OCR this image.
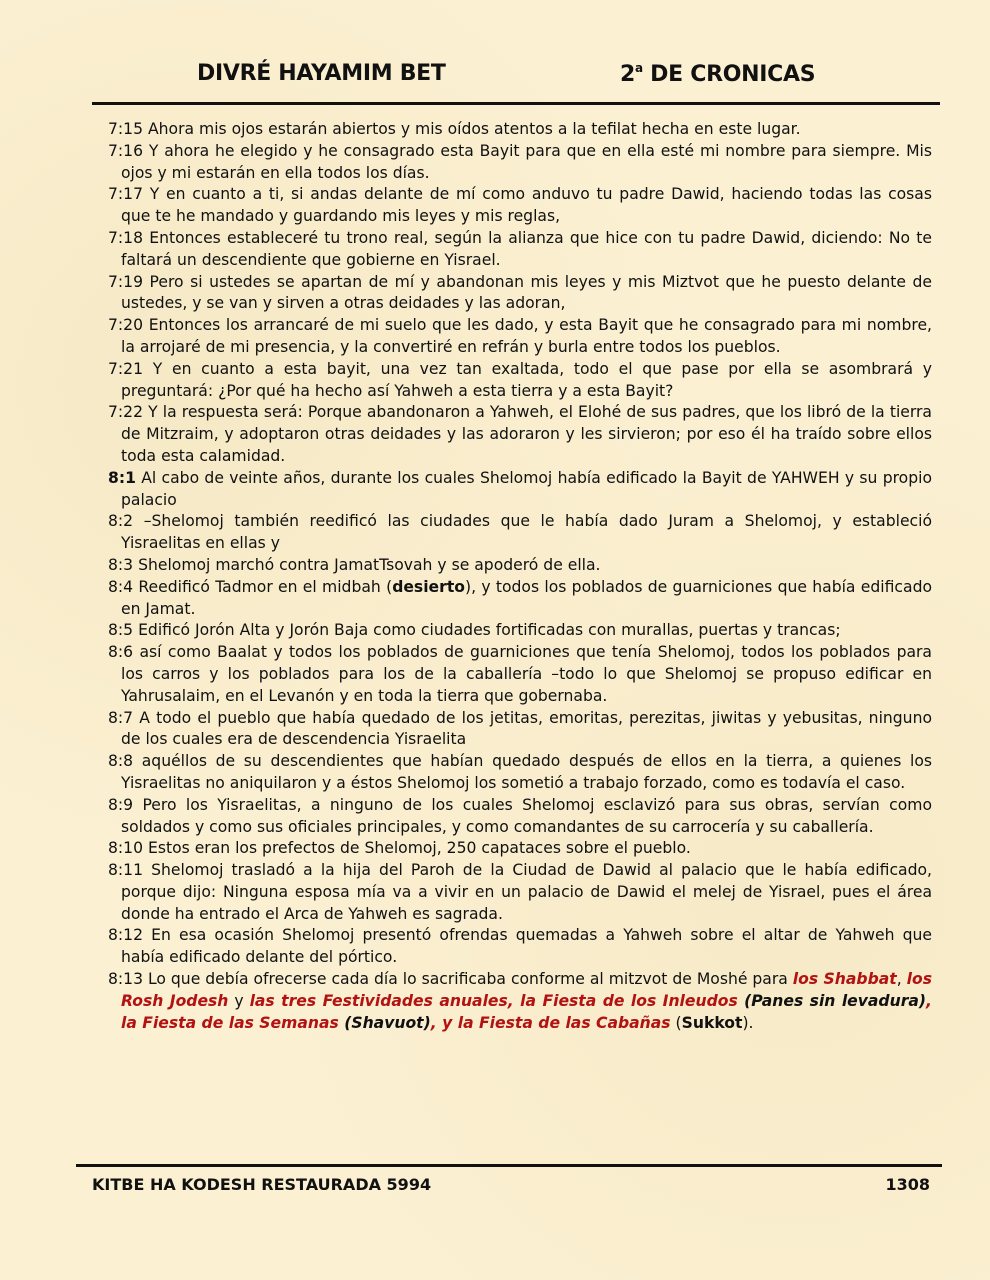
DIVRÉ HAYAMIM BET	2$^a$ DE CRONICAS

7:15 Ahora mis ojos estarán abiertos y mis oídos atentos a la tefilat hecha en este lugar.

7:16 Y ahora he elegido y he consagrado esta Bayit para que en ella esté mi nombre para siempre. Mis ojos y mi estarán en ella todos los días.

7:17 Y en cuanto a ti, si andas delante de mí como anduvo tu padre Dawid, haciendo todas las cosas que te he mandado y guardando mis leyes y mis reglas,

7:18 Entonces estableceré tu trono real, según la alianza que hice con tu padre Dawid, diciendo: No te faltará un descendiente que gobierne en Yisrael.

7:19 Pero si ustedes se apartan de mí y abandonan mis leyes y mis Miztvot que he puesto delante de ustedes, y se van y sirven a otras deidades y las adoran,

7:20 Entonces los arrancaré de mi suelo que les dado, y esta Bayit que he consagrado para mi nombre, la arrojaré de mi presencia, y la convertiré en refrán y burla entre todos los pueblos.

7:21 Y en cuanto a esta bayit, una vez tan exaltada, todo el que pase por ella se asombrará y preguntará: ¿Por qué ha hecho así Yahweh a esta tierra y a esta Bayit?

7:22 Y la respuesta será: Porque abandonaron a Yahweh, el Elohé de sus padres, que los libró de la tierra de Mitzraim, y adoptaron otras deidades y las adoraron y les sirvieron; por eso él ha traído sobre ellos toda esta calamidad.

8:1 Al cabo de veinte años, durante los cuales Shelomoj había edificado la Bayit de YAHWEH y su propio palacio

8:2 –Shelomoj también reedificó las ciudades que le había dado Juram a Shelomoj, y estableció Yisraelitas en ellas y

8:3 Shelomoj marchó contra JamatTsovah y se apoderó de ella.

8:4 Reedificó Tadmor en el midbah (desierto), y todos los poblados de guarniciones que había edificado en Jamat.

8:5 Edificó Jorón Alta y Jorón Baja como ciudades fortificadas con murallas, puertas y trancas;

8:6 así como Baalat y todos los poblados de guarniciones que tenía Shelomoj, todos los poblados para los carros y los poblados para los de la caballería –todo lo que Shelomoj se propuso edificar en Yahrusalaim, en el Levanón y en toda la tierra que gobernaba.

8:7 A todo el pueblo que había quedado de los jetitas, emoritas, perezitas, jiwitas y yebusitas, ninguno de los cuales era de descendencia Yisraelita

8:8 aquéllos de su descendientes que habían quedado después de ellos en la tierra, a quienes los Yisraelitas no aniquilaron y a éstos Shelomoj los sometió a trabajo forzado, como es todavía el caso.

8:9 Pero los Yisraelitas, a ninguno de los cuales Shelomoj esclavizó para sus obras, servían como soldados y como sus oficiales principales, y como comandantes de su carrocería y su caballería.

8:10 Estos eran los prefectos de Shelomoj, 250 capataces sobre el pueblo.

8:11 Shelomoj trasladó a la hija del Paroh de la Ciudad de Dawid al palacio que le había edificado, porque dijo: Ninguna esposa mía va a vivir en un palacio de Dawid el melej de Yisrael, pues el área donde ha entrado el Arca de Yahweh es sagrada.

8:12 En esa ocasión Shelomoj presentó ofrendas quemadas a Yahweh sobre el altar de Yahweh que había edificado delante del pórtico.

8:13 Lo que debía ofrecerse cada día lo sacrificaba conforme al mitzvot de Moshé para los Shabbat, los Rosh Jodesh y las tres Festividades anuales, la Fiesta de los Inleudos (Panes sin levadura), la Fiesta de las Semanas (Shavuot), y la Fiesta de las Cabañas (Sukkot).

KITBE HA KODESH RESTAURADA 5994	1308
